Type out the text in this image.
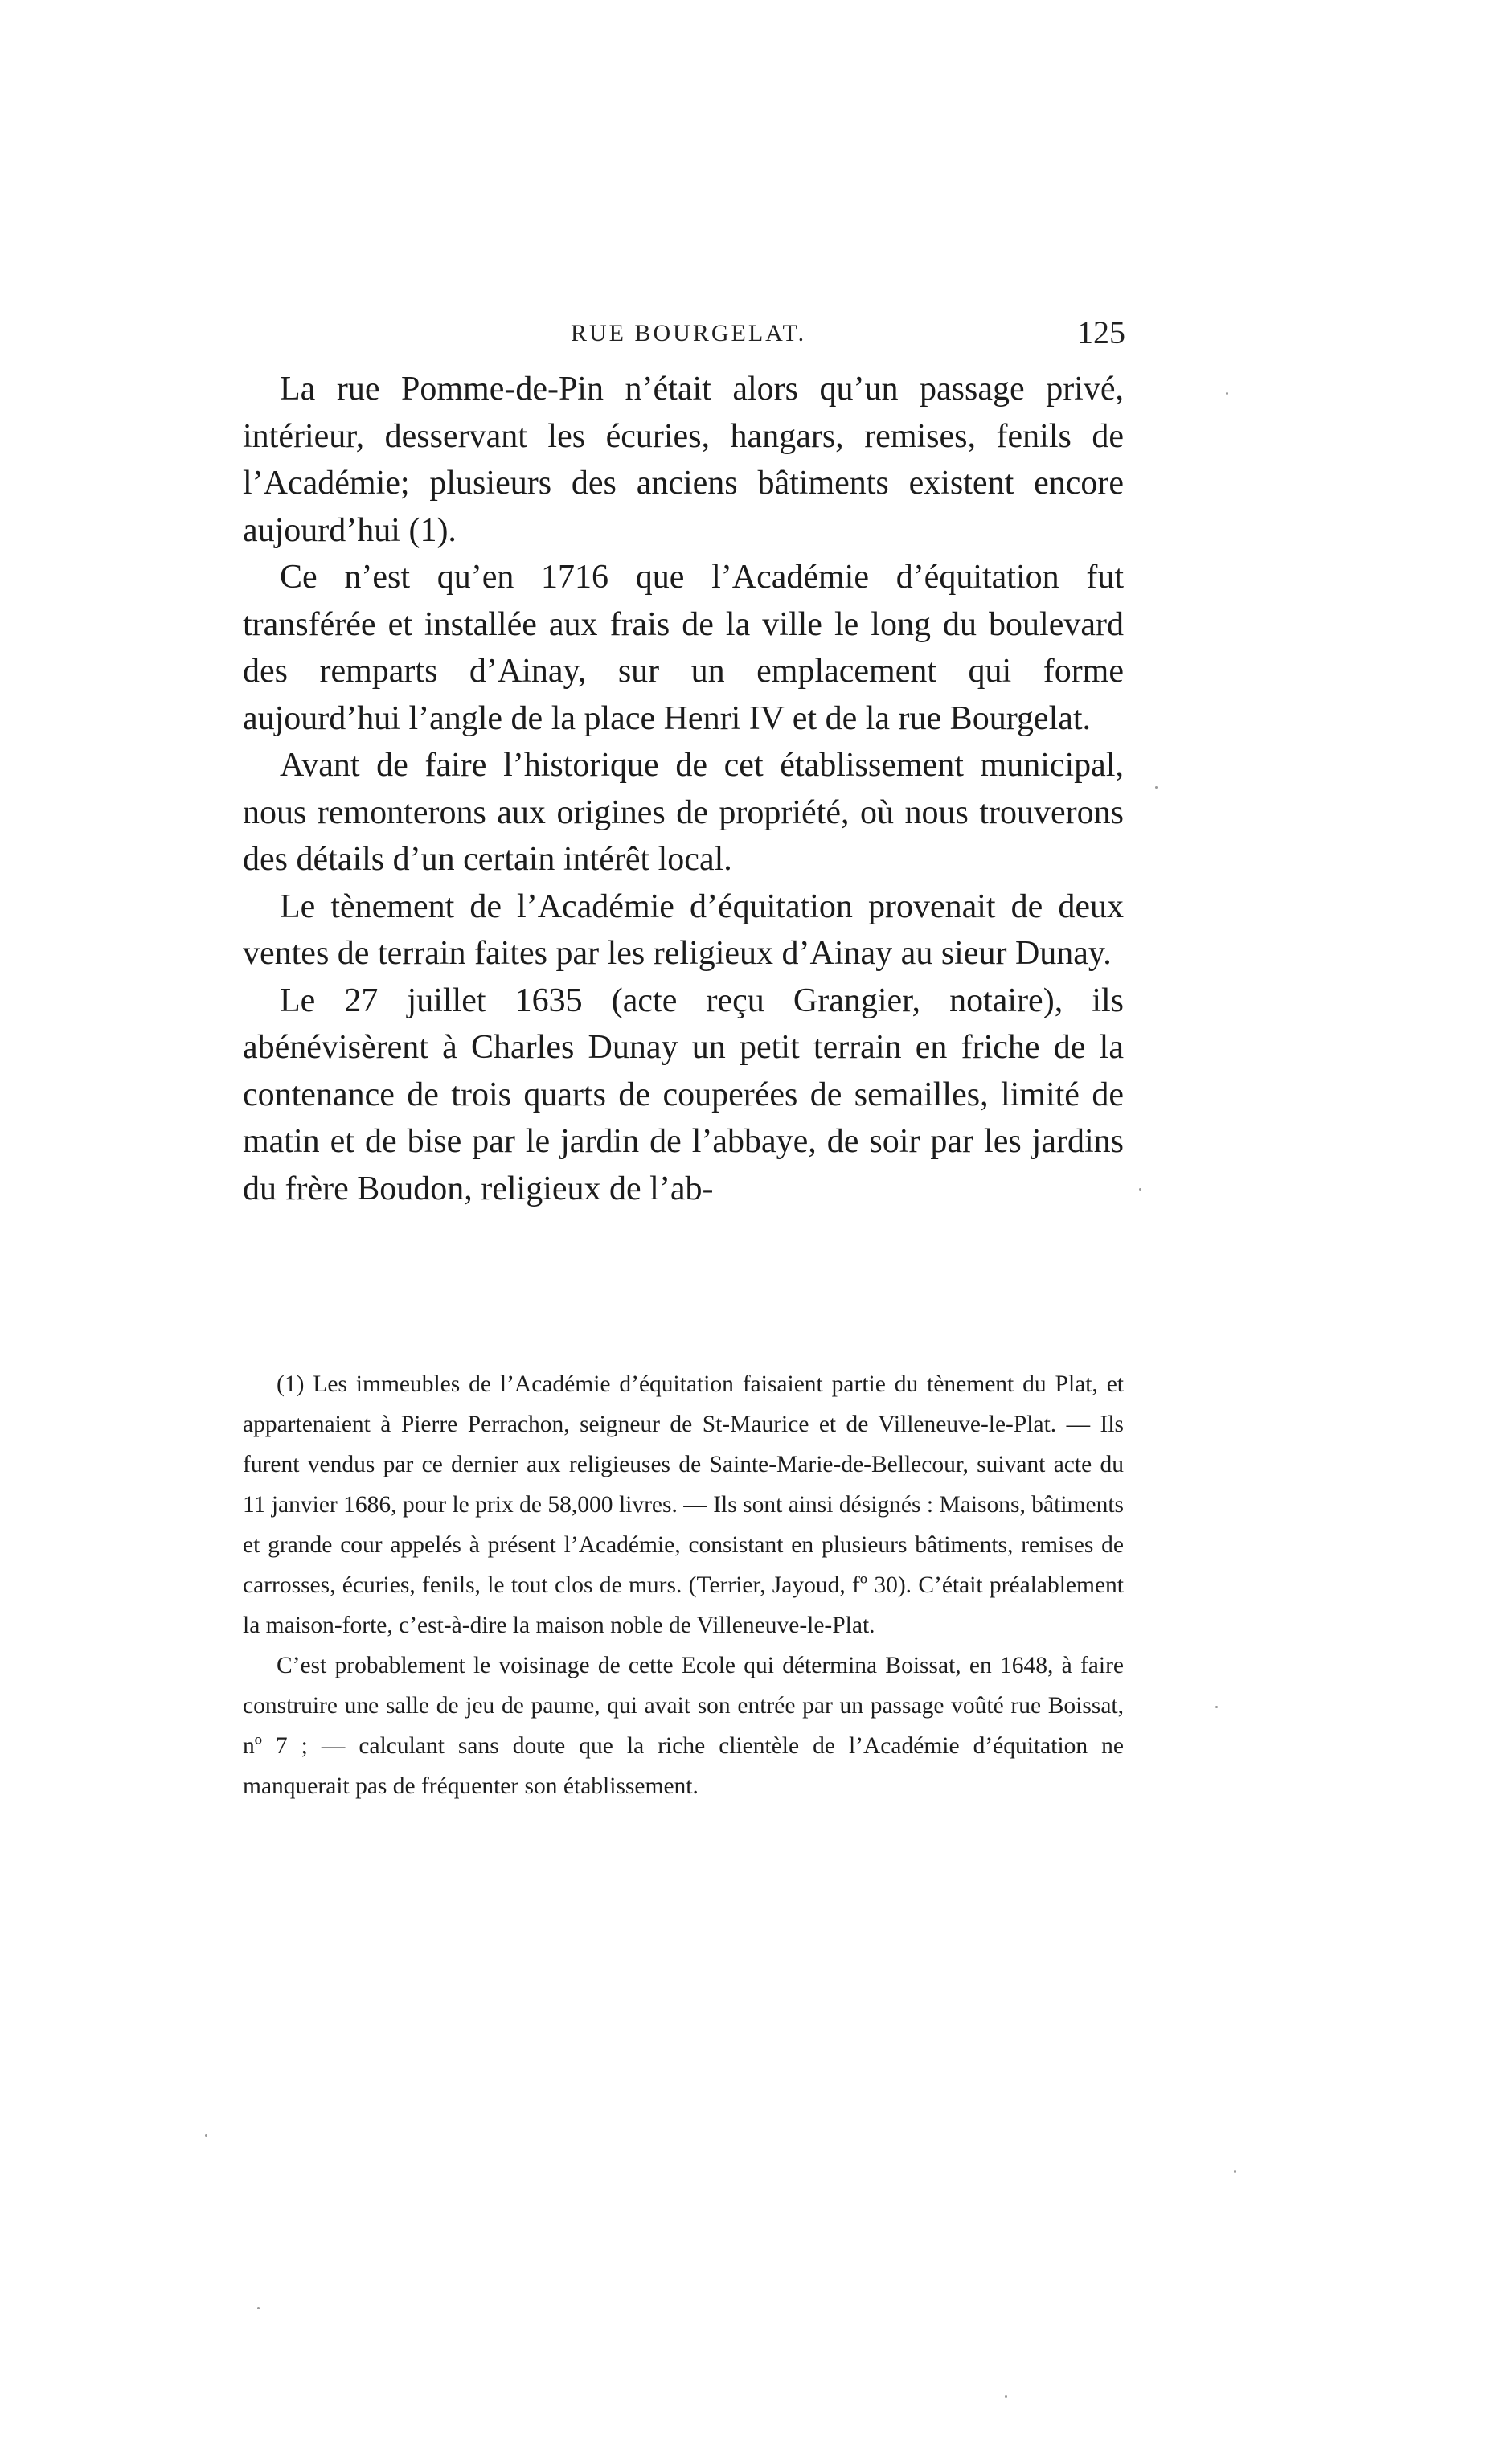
RUE BOURGELAT.	125

La rue Pomme-de-Pin n’était alors qu’un passage privé, intérieur, desservant les écuries, hangars, remises, fenils de l’Académie; plusieurs des anciens bâtiments existent encore aujourd’hui (1).

Ce n’est qu’en 1716 que l’Académie d’équitation fut transférée et installée aux frais de la ville le long du boulevard des remparts d’Ainay, sur un emplacement qui forme aujourd’hui l’angle de la place Henri IV et de la rue Bourgelat.

Avant de faire l’historique de cet établissement municipal, nous remonterons aux origines de propriété, où nous trouverons des détails d’un certain intérêt local.

Le tènement de l’Académie d’équitation provenait de deux ventes de terrain faites par les religieux d’Ainay au sieur Dunay.

Le 27 juillet 1635 (acte reçu Grangier, notaire), ils abénévisèrent à Charles Dunay un petit terrain en friche de la contenance de trois quarts de couperées de semailles, limité de matin et de bise par le jardin de l’abbaye, de soir par les jardins du frère Boudon, religieux de l’ab-

(1) Les immeubles de l’Académie d’équitation faisaient partie du tènement du Plat, et appartenaient à Pierre Perrachon, seigneur de St-Maurice et de Villeneuve-le-Plat. — Ils furent vendus par ce dernier aux religieuses de Sainte-Marie-de-Bellecour, suivant acte du 11 janvier 1686, pour le prix de 58,000 livres. — Ils sont ainsi désignés : Maisons, bâtiments et grande cour appelés à présent l’Académie, consistant en plusieurs bâtiments, remises de carrosses, écuries, fenils, le tout clos de murs. (Terrier, Jayoud, fº 30). C’était préalablement la maison-forte, c’est-à-dire la maison noble de Villeneuve-le-Plat.

C’est probablement le voisinage de cette Ecole qui détermina Boissat, en 1648, à faire construire une salle de jeu de paume, qui avait son entrée par un passage voûté rue Boissat, nº 7 ; — calculant sans doute que la riche clientèle de l’Académie d’équitation ne manquerait pas de fréquenter son établissement.
